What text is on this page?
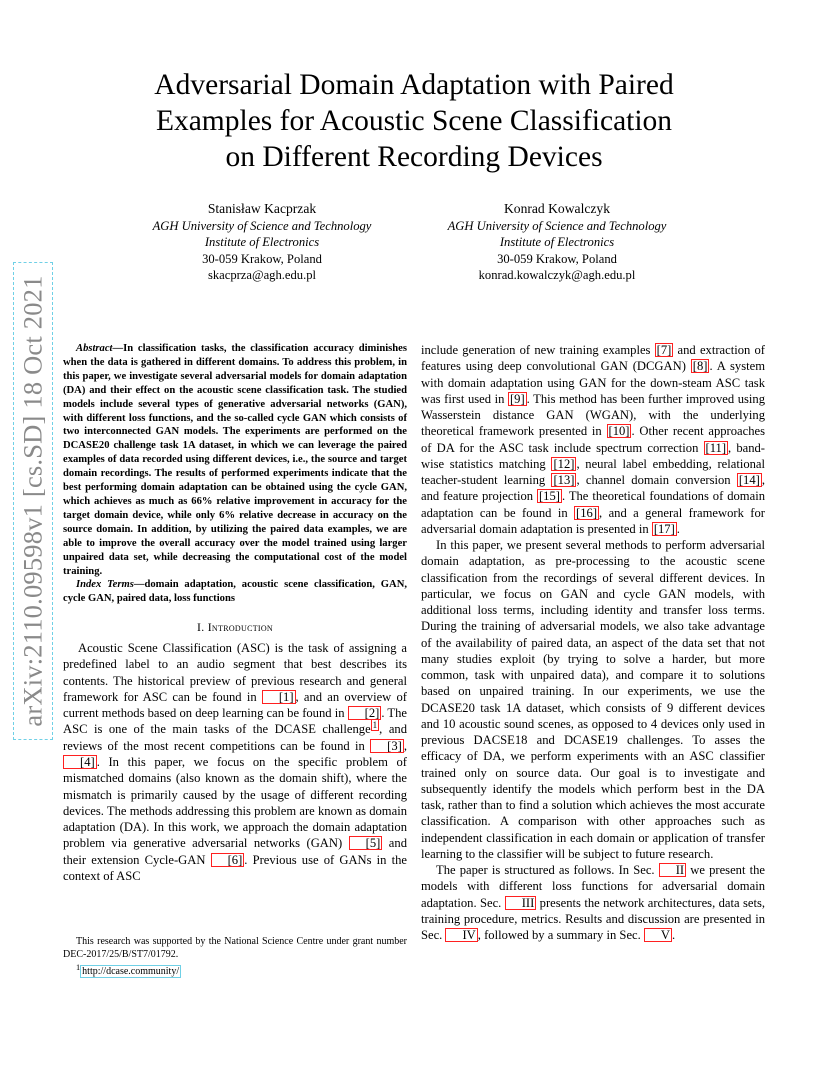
arXiv:2110.09598v1 [cs.SD] 18 Oct 2021
Adversarial Domain Adaptation with Paired
Examples for Acoustic Scene Classification
on Different Recording Devices
Stanisław Kacprzak
AGH University of Science and Technology
Institute of Electronics
30-059 Krakow, Poland
skacprza@agh.edu.pl
Konrad Kowalczyk
AGH University of Science and Technology
Institute of Electronics
30-059 Krakow, Poland
konrad.kowalczyk@agh.edu.pl

Abstract—In classification tasks, the classification accuracy diminishes when the data is gathered in different domains. To address this problem, in this paper, we investigate several adversarial models for domain adaptation (DA) and their effect on the acoustic scene classification task. The studied models include several types of generative adversarial networks (GAN), with different loss functions, and the so-called cycle GAN which consists of two interconnected GAN models. The experiments are performed on the DCASE20 challenge task 1A dataset, in which we can leverage the paired examples of data recorded using different devices, i.e., the source and target domain recordings. The results of performed experiments indicate that the best performing domain adaptation can be obtained using the cycle GAN, which achieves as much as 66% relative improvement in accuracy for the target domain device, while only 6% relative decrease in accuracy on the source domain. In addition, by utilizing the paired data examples, we are able to improve the overall accuracy over the model trained using larger unpaired data set, while decreasing the computational cost of the model training.

Index Terms—domain adaptation, acoustic scene classification, GAN, cycle GAN, paired data, loss functions

I. Introduction

Acoustic Scene Classification (ASC) is the task of assigning a predefined label to an audio segment that best describes its contents. The historical preview of previous research and general framework for ASC can be found in [1] , and an overview of current methods based on deep learning can be found in [2] . The ASC is one of the main tasks of the DCASE challenge $^1$ , and reviews of the most recent competitions can be found in [3] , [4] . In this paper, we focus on the specific problem of mismatched domains (also known as the domain shift), where the mismatch is primarily caused by the usage of different recording devices. The methods addressing this problem are known as domain adaptation (DA). In this work, we approach the domain adaptation problem via generative adversarial networks (GAN) [5] and their extension Cycle-GAN [6] . Previous use of GANs in the context of ASC

This research was supported by the National Science Centre under grant number DEC-2017/25/B/ST7/01792.

$^1$ http://dcase.community/

include generation of new training examples [7] and extraction of features using deep convolutional GAN (DCGAN) [8] . A system with domain adaptation using GAN for the down-steam ASC task was first used in [9] . This method has been further improved using Wasserstein distance GAN (WGAN), with the underlying theoretical framework presented in [10] . Other recent approaches of DA for the ASC task include spectrum correction [11] , band-wise statistics matching [12] , neural label embedding, relational teacher-student learning [13] , channel domain conversion [14] , and feature projection [15] . The theoretical foundations of domain adaptation can be found in [16] , and a general framework for adversarial domain adaptation is presented in [17] .

In this paper, we present several methods to perform adversarial domain adaptation, as pre-processing to the acoustic scene classification from the recordings of several different devices. In particular, we focus on GAN and cycle GAN models, with additional loss terms, including identity and transfer loss terms. During the training of adversarial models, we also take advantage of the availability of paired data, an aspect of the data set that not many studies exploit (by trying to solve a harder, but more common, task with unpaired data), and compare it to solutions based on unpaired training. In our experiments, we use the DCASE20 task 1A dataset, which consists of 9 different devices and 10 acoustic sound scenes, as opposed to 4 devices only used in previous DACSE18 and DCASE19 challenges. To asses the efficacy of DA, we perform experiments with an ASC classifier trained only on source data. Our goal is to investigate and subsequently identify the models which perform best in the DA task, rather than to find a solution which achieves the most accurate classification. A comparison with other approaches such as independent classification in each domain or application of transfer learning to the classifier will be subject to future research.

The paper is structured as follows. In Sec. II we present the models with different loss functions for adversarial domain adaptation. Sec. III presents the network architectures, data sets, training procedure, metrics. Results and discussion are presented in Sec. IV , followed by a summary in Sec. V .
